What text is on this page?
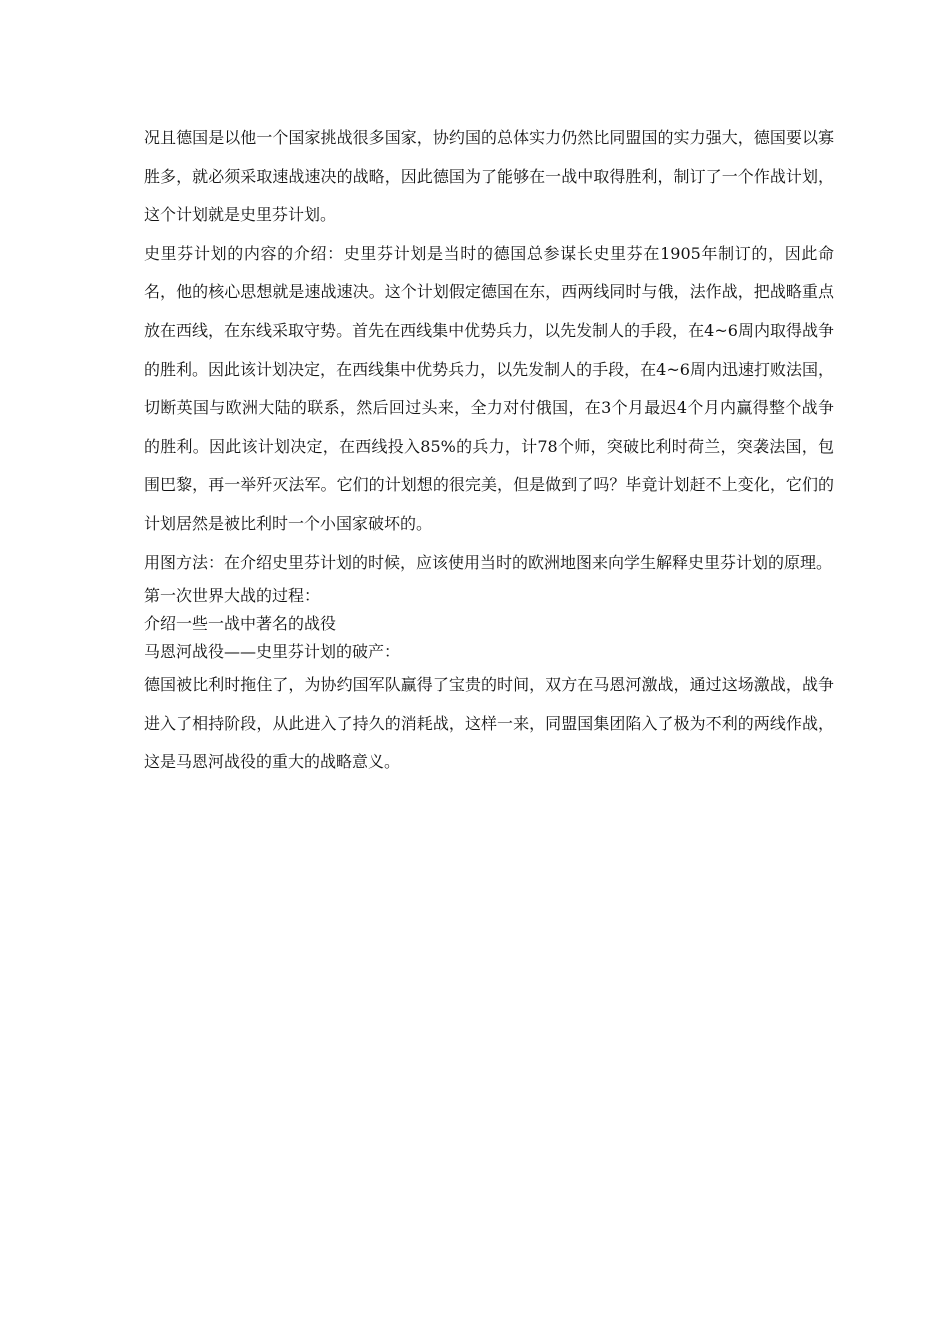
况且德国是以他一个国家挑战很多国家，协约国的总体实力仍然比同盟国的实力强大，德国要以寡胜多，就必须采取速战速决的战略，因此德国为了能够在一战中取得胜利，制订了一个作战计划，这个计划就是史里芬计划。

史里芬计划的内容的介绍：史里芬计划是当时的德国总参谋长史里芬在1905年制订的，因此命名，他的核心思想就是速战速决。这个计划假定德国在东，西两线同时与俄，法作战，把战略重点放在西线，在东线采取守势。首先在西线集中优势兵力，以先发制人的手段，在4~6周内取得战争的胜利。因此该计划决定，在西线集中优势兵力，以先发制人的手段，在4~6周内迅速打败法国，切断英国与欧洲大陆的联系，然后回过头来，全力对付俄国，在3个月最迟4个月内赢得整个战争的胜利。因此该计划决定，在西线投入85%的兵力，计78个师，突破比利时荷兰，突袭法国，包围巴黎，再一举歼灭法军。它们的计划想的很完美，但是做到了吗？毕竟计划赶不上变化，它们的计划居然是被比利时一个小国家破坏的。

用图方法：在介绍史里芬计划的时候，应该使用当时的欧洲地图来向学生解释史里芬计划的原理。

第一次世界大战的过程：

介绍一些一战中著名的战役

马恩河战役——史里芬计划的破产：

德国被比利时拖住了，为协约国军队赢得了宝贵的时间，双方在马恩河激战，通过这场激战，战争进入了相持阶段，从此进入了持久的消耗战，这样一来，同盟国集团陷入了极为不利的两线作战，这是马恩河战役的重大的战略意义。
